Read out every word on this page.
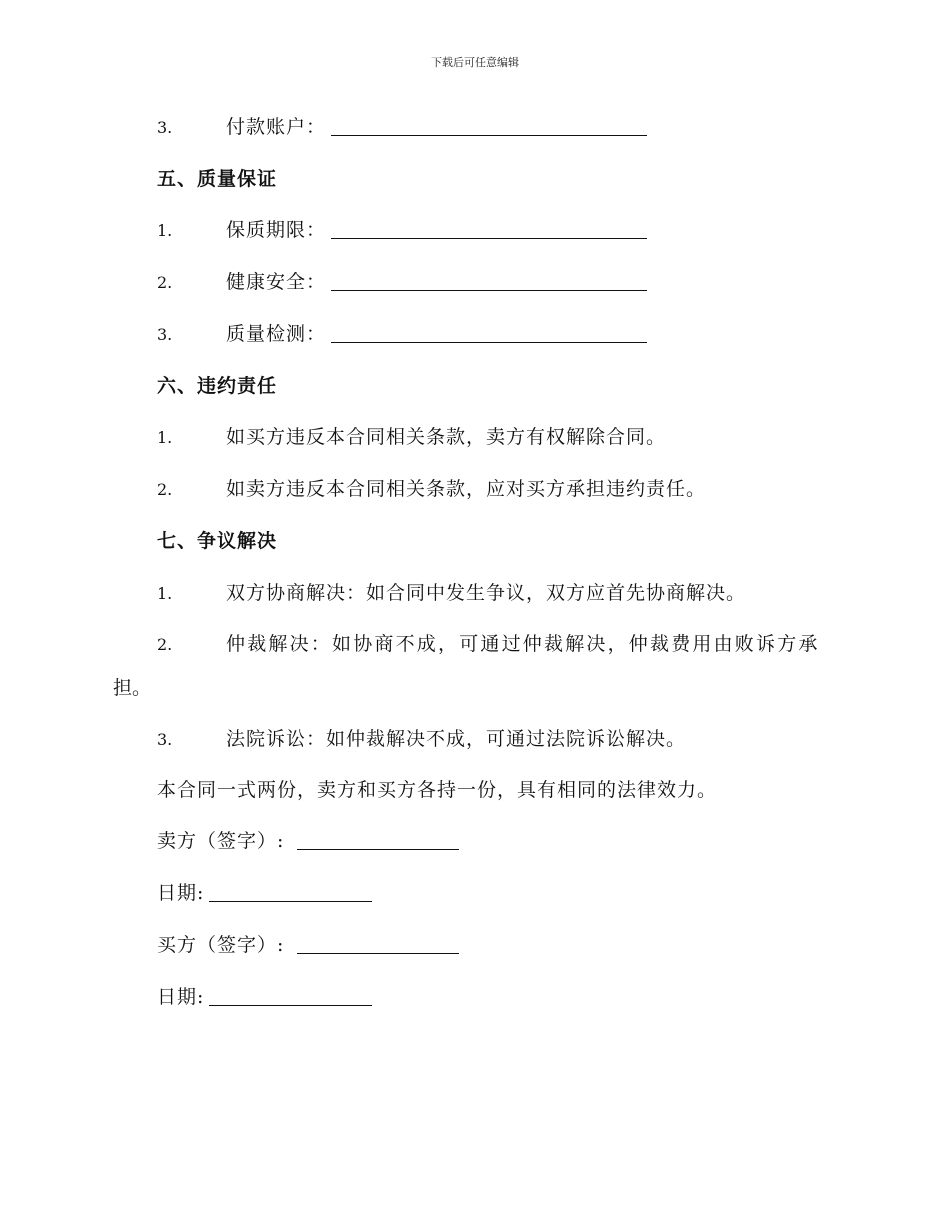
下载后可任意编辑
3.	付款账户：
五、质量保证
1.	保质期限：
2.	健康安全：
3.	质量检测：
六、违约责任
1.	如买方违反本合同相关条款，卖方有权解除合同。
2.	如卖方违反本合同相关条款，应对买方承担违约责任。
七、争议解决
1.	双方协商解决：如合同中发生争议，双方应首先协商解决。
2.	仲裁解决：如协商不成，可通过仲裁解决，仲裁费用由败诉方承
担。
3.	法院诉讼：如仲裁解决不成，可通过法院诉讼解决。
本合同一式两份，卖方和买方各持一份，具有相同的法律效力。
卖方（签字）:
日期:
买方（签字）:
日期:
